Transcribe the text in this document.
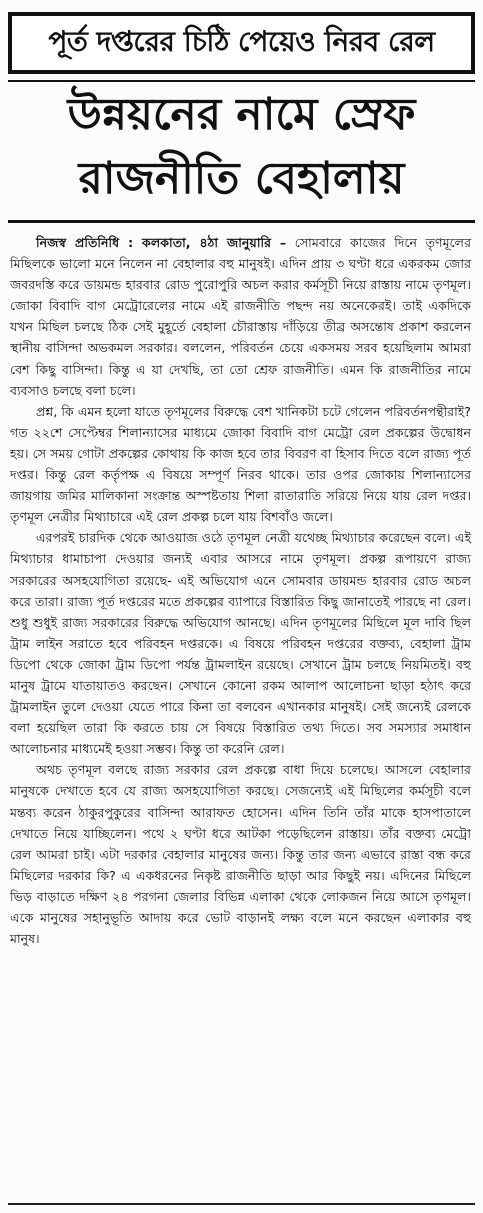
পূর্ত দপ্তরের চিঠি পেয়েও নিরব রেল
উন্নয়নের নামে স্রেফ
রাজনীতি বেহালায়

নিজস্ব প্রতিনিধি : কলকাতা, ৪ঠা জানুয়ারি – সোমবারে কাজের দিনে তৃণমূলের মিছিলকে ভালো মনে নিলেন না বেহালার বহু মানুষই। এদিন প্রায় ৩ ঘণ্টা ধরে একরকম জোর জবরদস্তি করে ডায়মন্ড হারবার রোড পুরোপুরি অচল করার কর্মসূচী নিয়ে রাস্তায় নামে তৃণমূল। জোকা বিবাদি বাগ মেট্রোরেলের নামে এই রাজনীতি পছন্দ নয় অনেকেরই। তাই একদিকে যখন মিছিল চলছে ঠিক সেই মুহূর্তে বেহালা চৌরাস্তায় দাঁড়িয়ে তীব্র অসন্তোষ প্রকাশ করলেন স্থানীয় বাসিন্দা অভকমল সরকার। বললেন, পরিবর্তন চেয়ে একসময় সরব হয়েছিলাম আমরা বেশ কিছু বাসিন্দা। কিন্তু এ যা দেখছি, তা তো শ্রেফ রাজনীতি। এমন কি রাজনীতির নামে ব্যবসাও চলছে বলা চলে।

প্রশ্ন, কি এমন হলো যাতে তৃণমূলের বিরুদ্ধে বেশ খানিকটা চটে গেলেন পরিবর্তনপন্থীরাই? গত ২২শে সেপ্টেম্বর শিলান্যাসের মাধ্যমে জোকা বিবাদি বাগ মেট্রো রেল প্রকল্পের উদ্বোধন হয়। সে সময় গোটা প্রকল্পের কোথায় কি কাজ হবে তার বিবরণ বা হিসাব দিতে বলে রাজ্য পূর্ত দপ্তর। কিন্তু রেল কর্তৃপক্ষ এ বিষয়ে সম্পূর্ণ নিরব থাকে। তার ওপর জোকায় শিলান্যাসের জায়গায় জমির মালিকানা সংক্রান্ত অস্পষ্টতায় শিলা রাতারাতি সরিয়ে নিয়ে যায় রেল দপ্তর। তৃণমূল নেত্রীর মিথ্যাচারে এই রেল প্রকল্প চলে যায় বিশবাঁও জলে।

এরপরই চারদিক থেকে আওয়াজ ওঠে তৃণমূল নেত্রী যথেচ্ছ মিথ্যাচার করেছেন বলে। এই মিথ্যাচার ধামাচাপা দেওয়ার জন্যই এবার আসরে নামে তৃণমূল। প্রকল্প রূপায়ণে রাজ্য সরকারের অসহযোগিতা রয়েছে- এই অভিযোগ এনে সোমবার ডায়মন্ড হারবার রোড অচল করে তারা। রাজ্য পূর্ত দপ্তরের মতে প্রকল্পের ব্যাপারে বিস্তারিত কিছু জানাতেই পারছে না রেল। শুধু শুধুই রাজ্য সরকারের বিরুদ্ধে অভিযোগ আনছে। এদিন তৃণমূলের মিছিলে মূল দাবি ছিল ট্রাম লাইন সরাতে হবে পরিবহন দপ্তরকে। এ বিষয়ে পরিবহন দপ্তরের বক্তব্য, বেহালা ট্রাম ডিপো থেকে জোকা ট্রাম ডিপো পর্যন্ত ট্রামলাইন রয়েছে। সেখানে ট্রাম চলছে নিয়মিতই। বহু মানুষ ট্রামে যাতায়াতও করছেন। সেখানে কোনো রকম আলাপ আলোচনা ছাড়া হঠাৎ করে ট্রামলাইন তুলে দেওয়া যেতে পারে কিনা তা বলবেন এখানকার মানুষই। সেই জন্যেই রেলকে বলা হয়েছিল তারা কি করতে চায় সে বিষয়ে বিস্তারিত তথ্য দিতে। সব সমস্যার সমাধান আলোচনার মাধ্যমেই হওয়া সম্ভব। কিন্তু তা করেনি রেল।

অথচ তৃণমূল বলছে রাজ্য সরকার রেল প্রকল্পে বাধা দিয়ে চলেছে। আসলে বেহালার মানুষকে দেখাতে হবে যে রাজ্য অসহযোগিতা করছে। সেজন্যেই এই মিছিলের কর্মসূচী বলে মন্তব্য করেন ঠাকুরপুকুরের বাসিন্দা আরাফত হোসেন। এদিন তিনি তাঁর মাকে হাসপাতালে দেখাতে নিয়ে যাচ্ছিলেন। পথে ২ ঘণ্টা ধরে আটকা পড়েছিলেন রাস্তায়। তাঁর বক্তব্য মেট্রো রেল আমরা চাই। এটা দরকার বেহালার মানুষের জন্য। কিন্তু তার জন্য এভাবে রাস্তা বন্ধ করে মিছিলের দরকার কি? এ একধরনের নিকৃষ্ট রাজনীতি ছাড়া আর কিছুই নয়। এদিনের মিছিলে ভিড় বাড়াতে দক্ষিণ ২৪ পরগনা জেলার বিভিন্ন এলাকা থেকে লোকজন নিয়ে আসে তৃণমূল। একে মানুষের সহানুভূতি আদায় করে ভোট বাড়ানই লক্ষ্য বলে মনে করছেন এলাকার বহু মানুষ।
